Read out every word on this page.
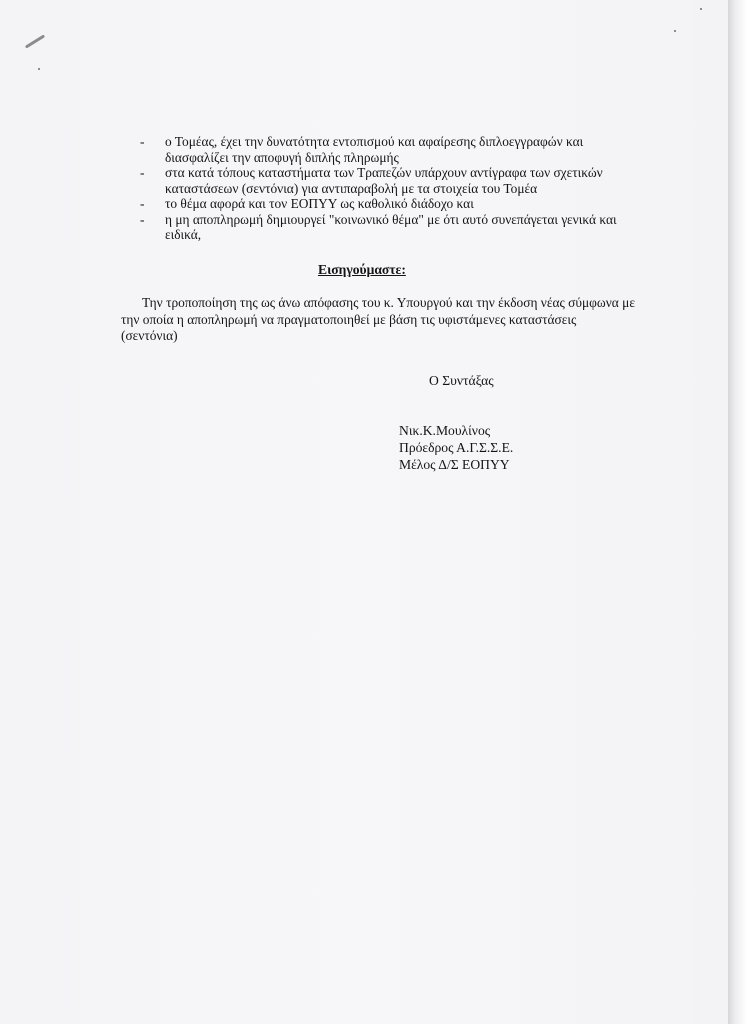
- ο Τομέας, έχει την δυνατότητα εντοπισμού και αφαίρεσης διπλοεγγραφών και διασφαλίζει την αποφυγή διπλής πληρωμής
- στα κατά τόπους καταστήματα των Τραπεζών υπάρχουν αντίγραφα των σχετικών καταστάσεων (σεντόνια) για αντιπαραβολή με τα στοιχεία του Τομέα
- το θέμα αφορά και τον ΕΟΠΥΥ ως καθολικό διάδοχο και
- η μη αποπληρωμή δημιουργεί "κοινωνικό θέμα" με ότι αυτό συνεπάγεται γενικά και ειδικά,
Εισηγούμαστε:
Την τροποποίηση της ως άνω απόφασης του κ. Υπουργού και την έκδοση νέας σύμφωνα με την οποία η αποπληρωμή να πραγματοποιηθεί με βάση τις υφιστάμενες καταστάσεις (σεντόνια)
Ο Συντάξας
Νικ.Κ.Μουλίνος
Πρόεδρος Α.Γ.Σ.Σ.Ε.
Μέλος Δ/Σ ΕΟΠΥΥ
